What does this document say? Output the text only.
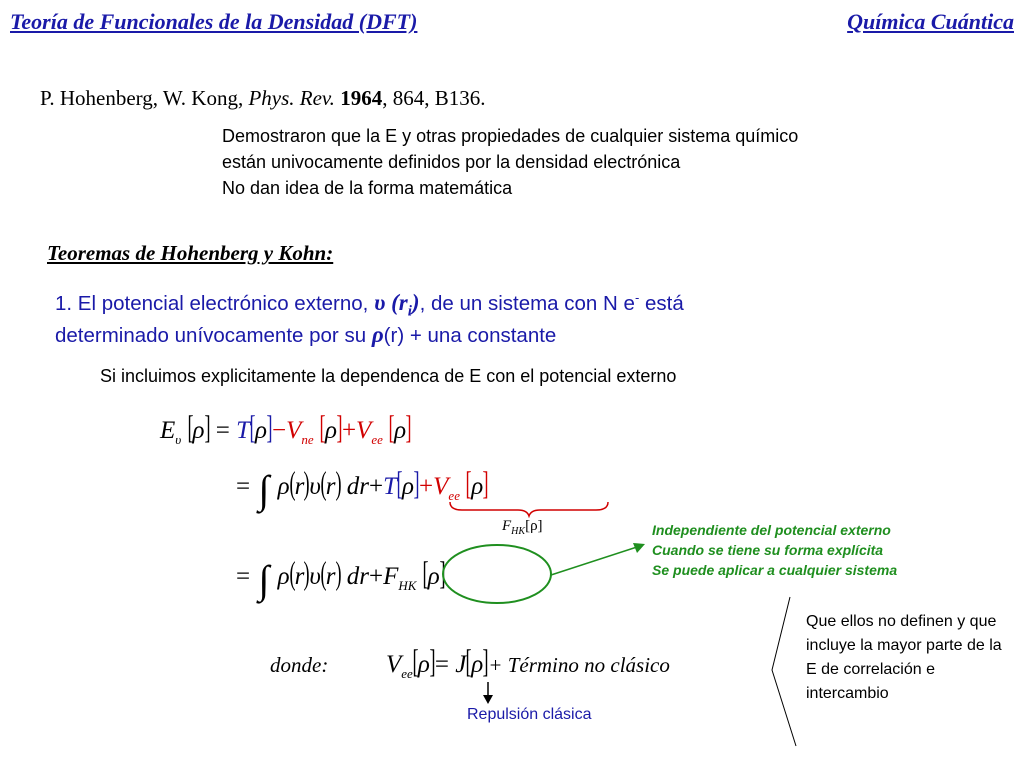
Teoría de Funcionales de la Densidad (DFT)	Química Cuántica
P. Hohenberg, W. Kong, Phys. Rev. 1964, 864, B136.
Demostraron que la E y otras propiedades de cualquier sistema químico
están univocamente definidos por la densidad electrónica
No dan idea de la forma matemática
Teoremas de Hohenberg y Kohn:
1. El potencial electrónico externo, υ $(r_i)$, de un sistema con N e- está
determinado unívocamente por su ρ(r) + una constante
Si incluimos explicitamente la dependenca de E con el potencial externo
$E_\upsilon$ $[\rho] = T[\rho]-V_{ne}$ $[\rho]+V_{ee}$ [ρ]
= ∫ ρ(r)υ(r) $dr+T[\rho]+V_{ee}$ [ρ]
$F_{HK}[\rho]$
= ∫ ρ(r)υ(r) $dr+F_{HK}$ [ρ]
Independiente del potencial externo
Cuando se tiene su forma explícita
Se puede aplicar a cualquier sistema
donde: $V_{ee}[\rho]= J[\rho]+$ Término no clásico
Que ellos no definen y que incluye la mayor parte de la E de correlación e intercambio
Repulsión clásica
